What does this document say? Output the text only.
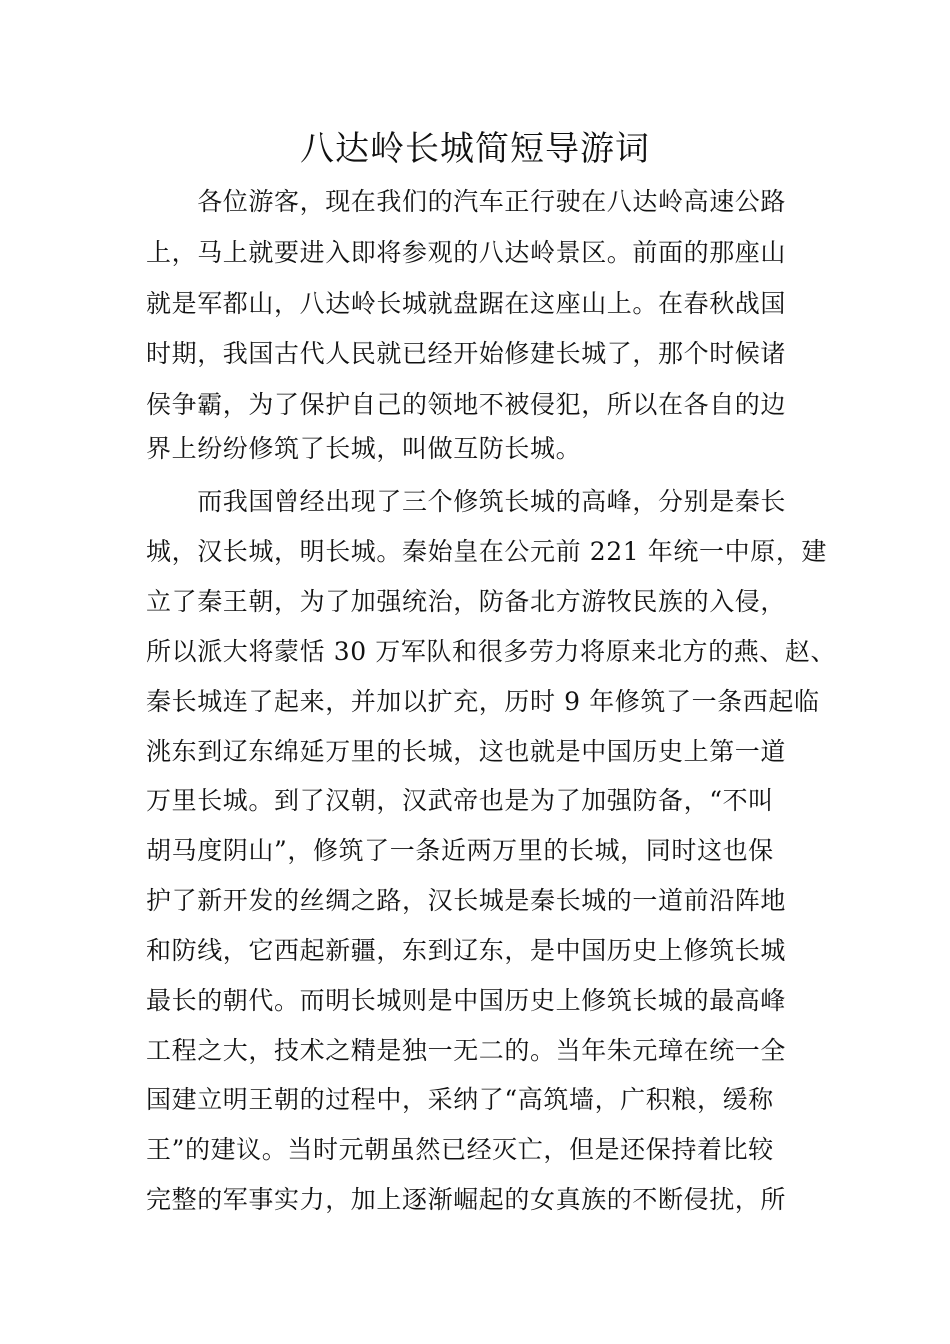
八达岭长城简短导游词
　　各位游客，现在我们的汽车正行驶在八达岭高速公路
上，马上就要进入即将参观的八达岭景区。前面的那座山
就是军都山，八达岭长城就盘踞在这座山上。在春秋战国
时期，我国古代人民就已经开始修建长城了，那个时候诸
侯争霸，为了保护自己的领地不被侵犯，所以在各自的边
界上纷纷修筑了长城，叫做互防长城。
　　而我国曾经出现了三个修筑长城的高峰，分别是秦长
城，汉长城，明长城。秦始皇在公元前 221 年统一中原，建
立了秦王朝，为了加强统治，防备北方游牧民族的入侵，
所以派大将蒙恬 30 万军队和很多劳力将原来北方的燕、赵、
秦长城连了起来，并加以扩充，历时 9 年修筑了一条西起临
洮东到辽东绵延万里的长城，这也就是中国历史上第一道
万里长城。到了汉朝，汉武帝也是为了加强防备，“不叫
胡马度阴山”，修筑了一条近两万里的长城，同时这也保
护了新开发的丝绸之路，汉长城是秦长城的一道前沿阵地
和防线，它西起新疆，东到辽东，是中国历史上修筑长城
最长的朝代。而明长城则是中国历史上修筑长城的最高峰
工程之大，技术之精是独一无二的。当年朱元璋在统一全
国建立明王朝的过程中，采纳了“高筑墙，广积粮，缓称
王”的建议。当时元朝虽然已经灭亡，但是还保持着比较
完整的军事实力，加上逐渐崛起的女真族的不断侵扰，所
